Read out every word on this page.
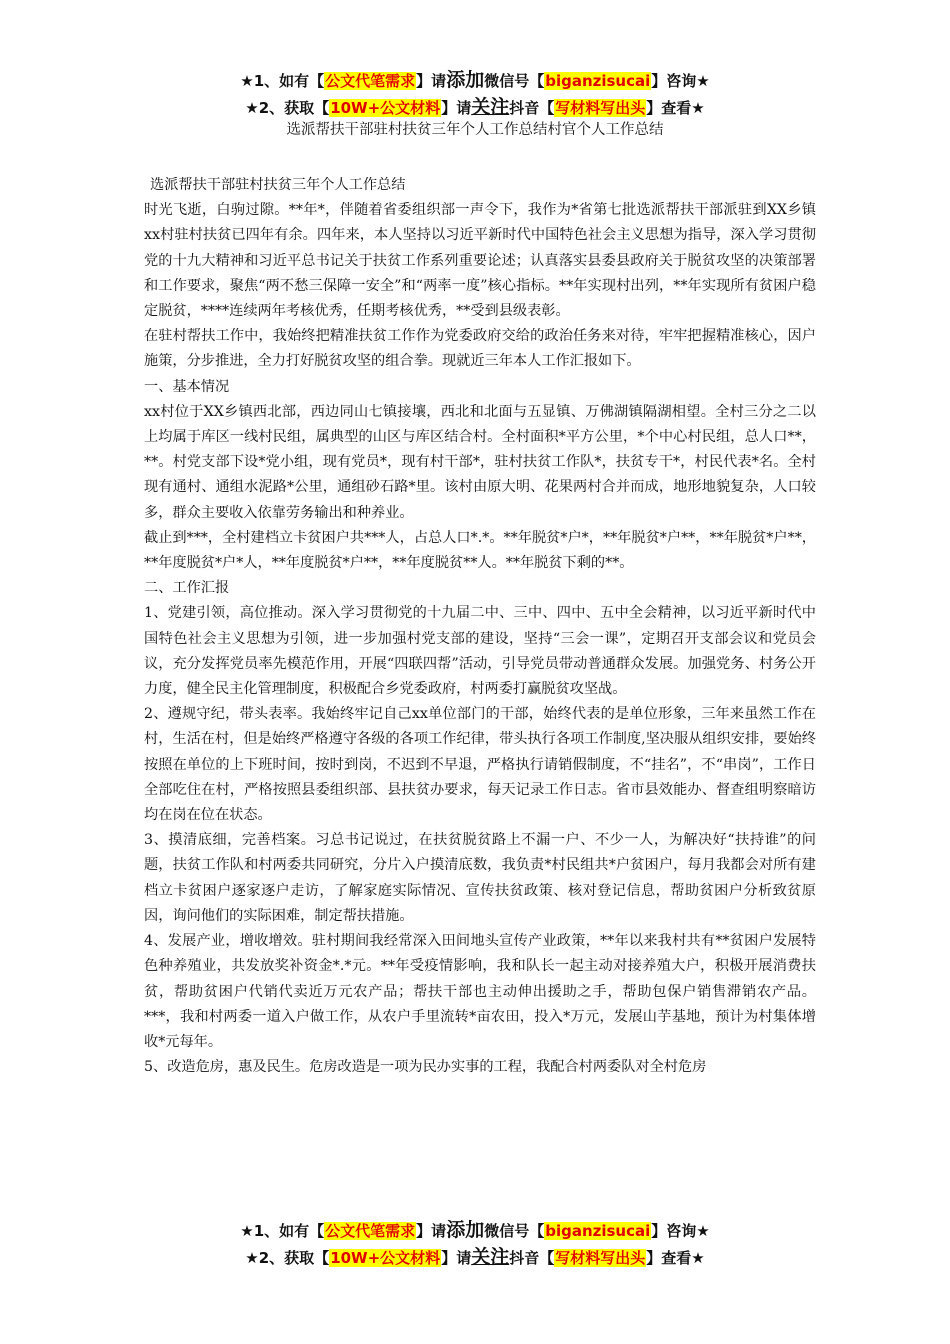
★1、如有【公文代笔需求】请添加微信号【biganzisucai】咨询★
★2、获取【10W+公文材料】请关注抖音【写材料写出头】查看★
选派帮扶干部驻村扶贫三年个人工作总结村官个人工作总结

选派帮扶干部驻村扶贫三年个人工作总结

时光飞逝，白驹过隙。**年*，伴随着省委组织部一声令下，我作为*省第七批选派帮扶干部派驻到XX乡镇xx村驻村扶贫已四年有余。四年来，本人坚持以习近平新时代中国特色社会主义思想为指导，深入学习贯彻党的十九大精神和习近平总书记关于扶贫工作系列重要论述；认真落实县委县政府关于脱贫攻坚的决策部署和工作要求，聚焦“两不愁三保障一安全”和“两率一度”核心指标。**年实现村出列，**年实现所有贫困户稳定脱贫，****连续两年考核优秀，任期考核优秀，**受到县级表彰。

在驻村帮扶工作中，我始终把精准扶贫工作作为党委政府交给的政治任务来对待，牢牢把握精准核心，因户施策，分步推进，全力打好脱贫攻坚的组合拳。现就近三年本人工作汇报如下。

一、基本情况

xx村位于XX乡镇西北部，西边同山七镇接壤，西北和北面与五显镇、万佛湖镇隔湖相望。全村三分之二以上均属于库区一线村民组，属典型的山区与库区结合村。全村面积*平方公里，*个中心村民组，总人口**，**。村党支部下设*党小组，现有党员*，现有村干部*，驻村扶贫工作队*，扶贫专干*，村民代表*名。全村现有通村、通组水泥路*公里，通组砂石路*里。该村由原大明、花果两村合并而成，地形地貌复杂，人口较多，群众主要收入依靠劳务输出和种养业。

截止到***，全村建档立卡贫困户共***人，占总人口*.*。**年脱贫*户*，**年脱贫*户**，**年脱贫*户**，**年度脱贫*户*人，**年度脱贫*户**，**年度脱贫**人。**年脱贫下剩的**。

二、工作汇报

1、党建引领，高位推动。深入学习贯彻党的十九届二中、三中、四中、五中全会精神，以习近平新时代中国特色社会主义思想为引领，进一步加强村党支部的建设，坚持“三会一课”，定期召开支部会议和党员会议，充分发挥党员率先模范作用，开展“四联四帮”活动，引导党员带动普通群众发展。加强党务、村务公开力度，健全民主化管理制度，积极配合乡党委政府，村两委打赢脱贫攻坚战。

2、遵规守纪，带头表率。我始终牢记自己xx单位部门的干部，始终代表的是单位形象，三年来虽然工作在村，生活在村，但是始终严格遵守各级的各项工作纪律，带头执行各项工作制度,坚决服从组织安排，要始终按照在单位的上下班时间，按时到岗，不迟到不早退，严格执行请销假制度，不“挂名”，不“串岗”，工作日全部吃住在村，严格按照县委组织部、县扶贫办要求，每天记录工作日志。省市县效能办、督查组明察暗访均在岗在位在状态。

3、摸清底细，完善档案。习总书记说过，在扶贫脱贫路上不漏一户、不少一人，为解决好“扶持谁”的问题，扶贫工作队和村两委共同研究，分片入户摸清底数，我负责*村民组共*户贫困户，每月我都会对所有建档立卡贫困户逐家逐户走访，了解家庭实际情况、宣传扶贫政策、核对登记信息，帮助贫困户分析致贫原因，询问他们的实际困难，制定帮扶措施。

4、发展产业，增收增效。驻村期间我经常深入田间地头宣传产业政策，**年以来我村共有**贫困户发展特色种养殖业，共发放奖补资金*.*元。**年受疫情影响，我和队长一起主动对接养殖大户，积极开展消费扶贫，帮助贫困户代销代卖近万元农产品；帮扶干部也主动伸出援助之手，帮助包保户销售滞销农产品。***，我和村两委一道入户做工作，从农户手里流转*亩农田，投入*万元，发展山芋基地，预计为村集体增收*元每年。

5、改造危房，惠及民生。危房改造是一项为民办实事的工程，我配合村两委队对全村危房

★1、如有【公文代笔需求】请添加微信号【biganzisucai】咨询★
★2、获取【10W+公文材料】请关注抖音【写材料写出头】查看★
